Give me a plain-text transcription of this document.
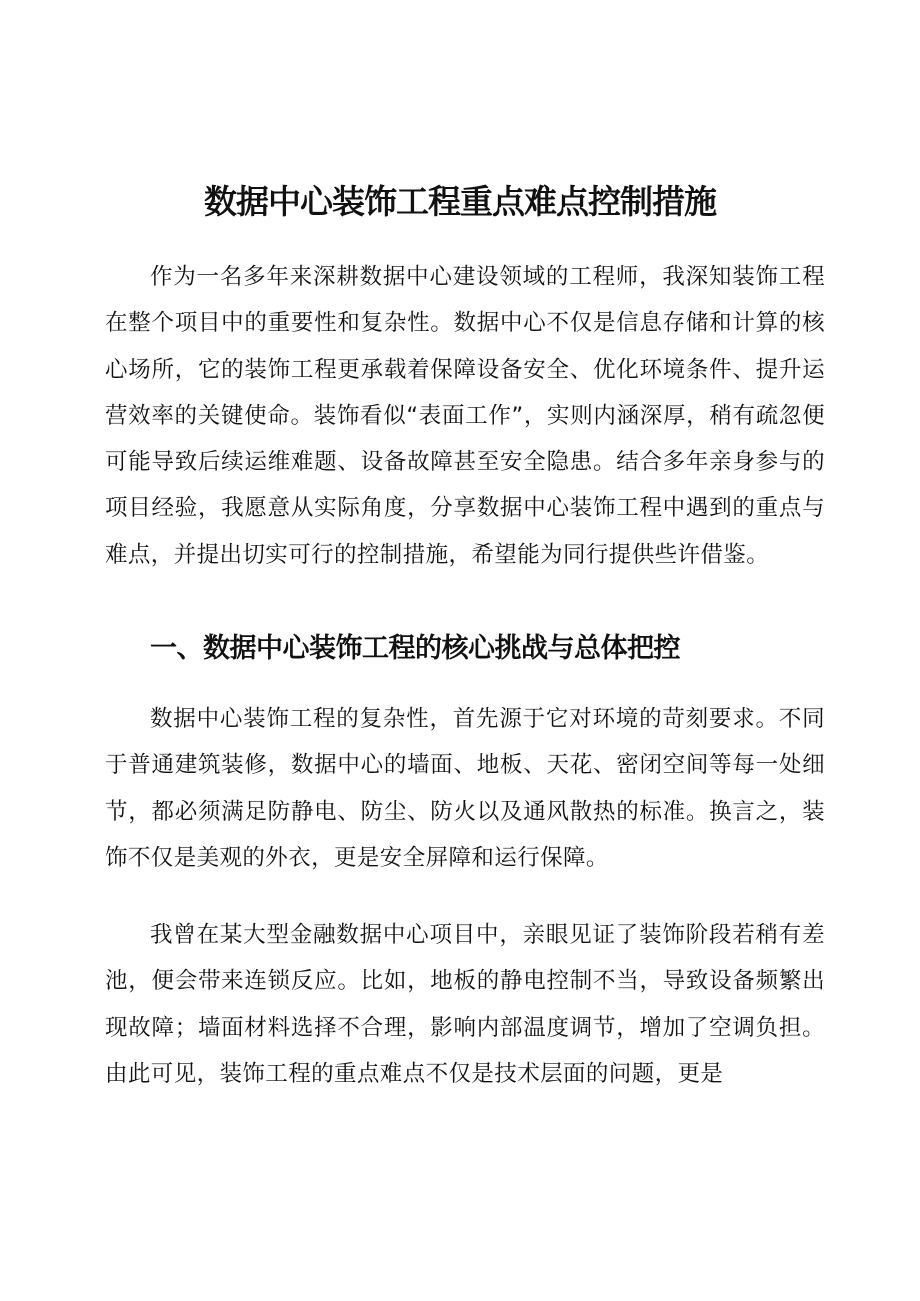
数据中心装饰工程重点难点控制措施

作为一名多年来深耕数据中心建设领域的工程师，我深知装饰工程在整个项目中的重要性和复杂性。数据中心不仅是信息存储和计算的核心场所，它的装饰工程更承载着保障设备安全、优化环境条件、提升运营效率的关键使命。装饰看似“表面工作”，实则内涵深厚，稍有疏忽便可能导致后续运维难题、设备故障甚至安全隐患。结合多年亲身参与的项目经验，我愿意从实际角度，分享数据中心装饰工程中遇到的重点与难点，并提出切实可行的控制措施，希望能为同行提供些许借鉴。

一、数据中心装饰工程的核心挑战与总体把控

数据中心装饰工程的复杂性，首先源于它对环境的苛刻要求。不同于普通建筑装修，数据中心的墙面、地板、天花、密闭空间等每一处细节，都必须满足防静电、防尘、防火以及通风散热的标准。换言之，装饰不仅是美观的外衣，更是安全屏障和运行保障。

我曾在某大型金融数据中心项目中，亲眼见证了装饰阶段若稍有差池，便会带来连锁反应。比如，地板的静电控制不当，导致设备频繁出现故障；墙面材料选择不合理，影响内部温度调节，增加了空调负担。由此可见，装饰工程的重点难点不仅是技术层面的问题，更是
